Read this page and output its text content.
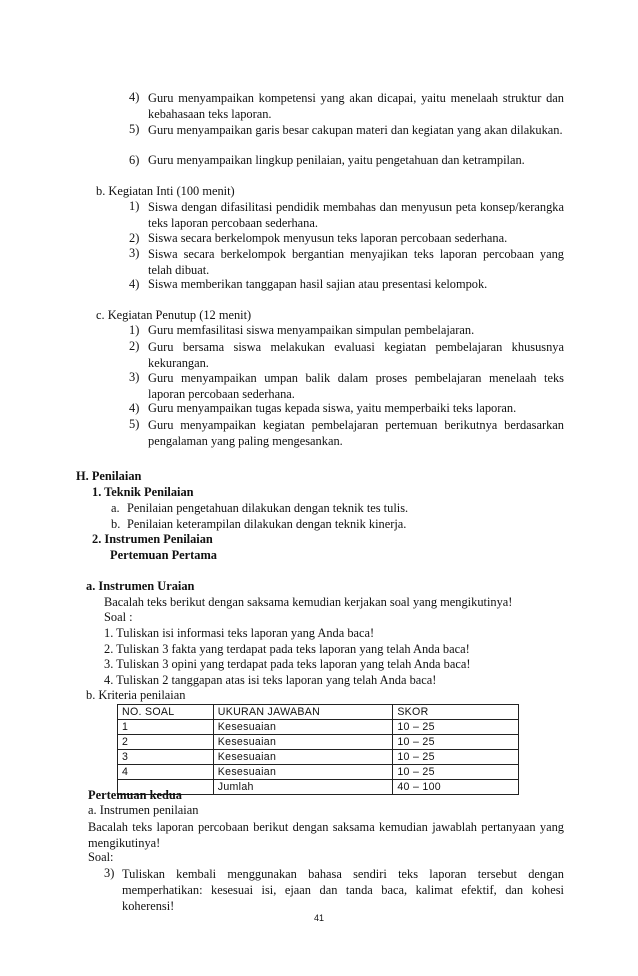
4) Guru menyampaikan kompetensi yang akan dicapai, yaitu menelaah struktur dan kebahasaan teks laporan.
5) Guru menyampaikan garis besar cakupan materi dan kegiatan yang akan dilakukan.
6) Guru menyampaikan lingkup penilaian, yaitu pengetahuan dan ketrampilan.
b. Kegiatan Inti (100 menit)
1) Siswa dengan difasilitasi pendidik membahas dan menyusun peta konsep/kerangka teks laporan percobaan sederhana.
2) Siswa secara berkelompok menyusun teks laporan percobaan sederhana.
3) Siswa secara berkelompok bergantian menyajikan teks laporan percobaan yang telah dibuat.
4) Siswa memberikan tanggapan hasil sajian atau presentasi kelompok.
c. Kegiatan Penutup (12 menit)
1) Guru memfasilitasi siswa menyampaikan simpulan pembelajaran.
2) Guru bersama siswa melakukan evaluasi kegiatan pembelajaran khususnya kekurangan.
3) Guru menyampaikan umpan balik dalam proses pembelajaran menelaah teks laporan percobaan sederhana.
4) Guru menyampaikan tugas kepada siswa, yaitu memperbaiki teks laporan.
5) Guru menyampaikan kegiatan pembelajaran pertemuan berikutnya berdasarkan pengalaman yang paling mengesankan.
H. Penilaian
1. Teknik Penilaian
a. Penilaian pengetahuan dilakukan dengan teknik tes tulis.
b. Penilaian keterampilan dilakukan dengan teknik kinerja.
2. Instrumen Penilaian
Pertemuan Pertama
a. Instrumen Uraian
Bacalah teks berikut dengan saksama kemudian kerjakan soal yang mengikutinya!
Soal :
1. Tuliskan isi informasi teks laporan yang Anda baca!
2. Tuliskan 3 fakta yang terdapat pada teks laporan yang telah Anda baca!
3. Tuliskan 3 opini yang terdapat pada teks laporan yang telah Anda baca!
4. Tuliskan 2 tanggapan atas isi teks laporan yang telah Anda baca!
b. Kriteria penilaian
NO. SOAL	UKURAN JAWABAN	SKOR
1	Kesesuaian	10 – 25
2	Kesesuaian	10 – 25
3	Kesesuaian	10 – 25
4	Kesesuaian	10 – 25
	Jumlah	40 – 100
Pertemuan kedua
a. Instrumen penilaian
Bacalah teks laporan percobaan berikut dengan saksama kemudian jawablah pertanyaan yang mengikutinya!
Soal:
3) Tuliskan kembali menggunakan bahasa sendiri teks laporan tersebut dengan memperhatikan: kesesuai isi, ejaan dan tanda baca, kalimat efektif, dan kohesi koherensi!
41
